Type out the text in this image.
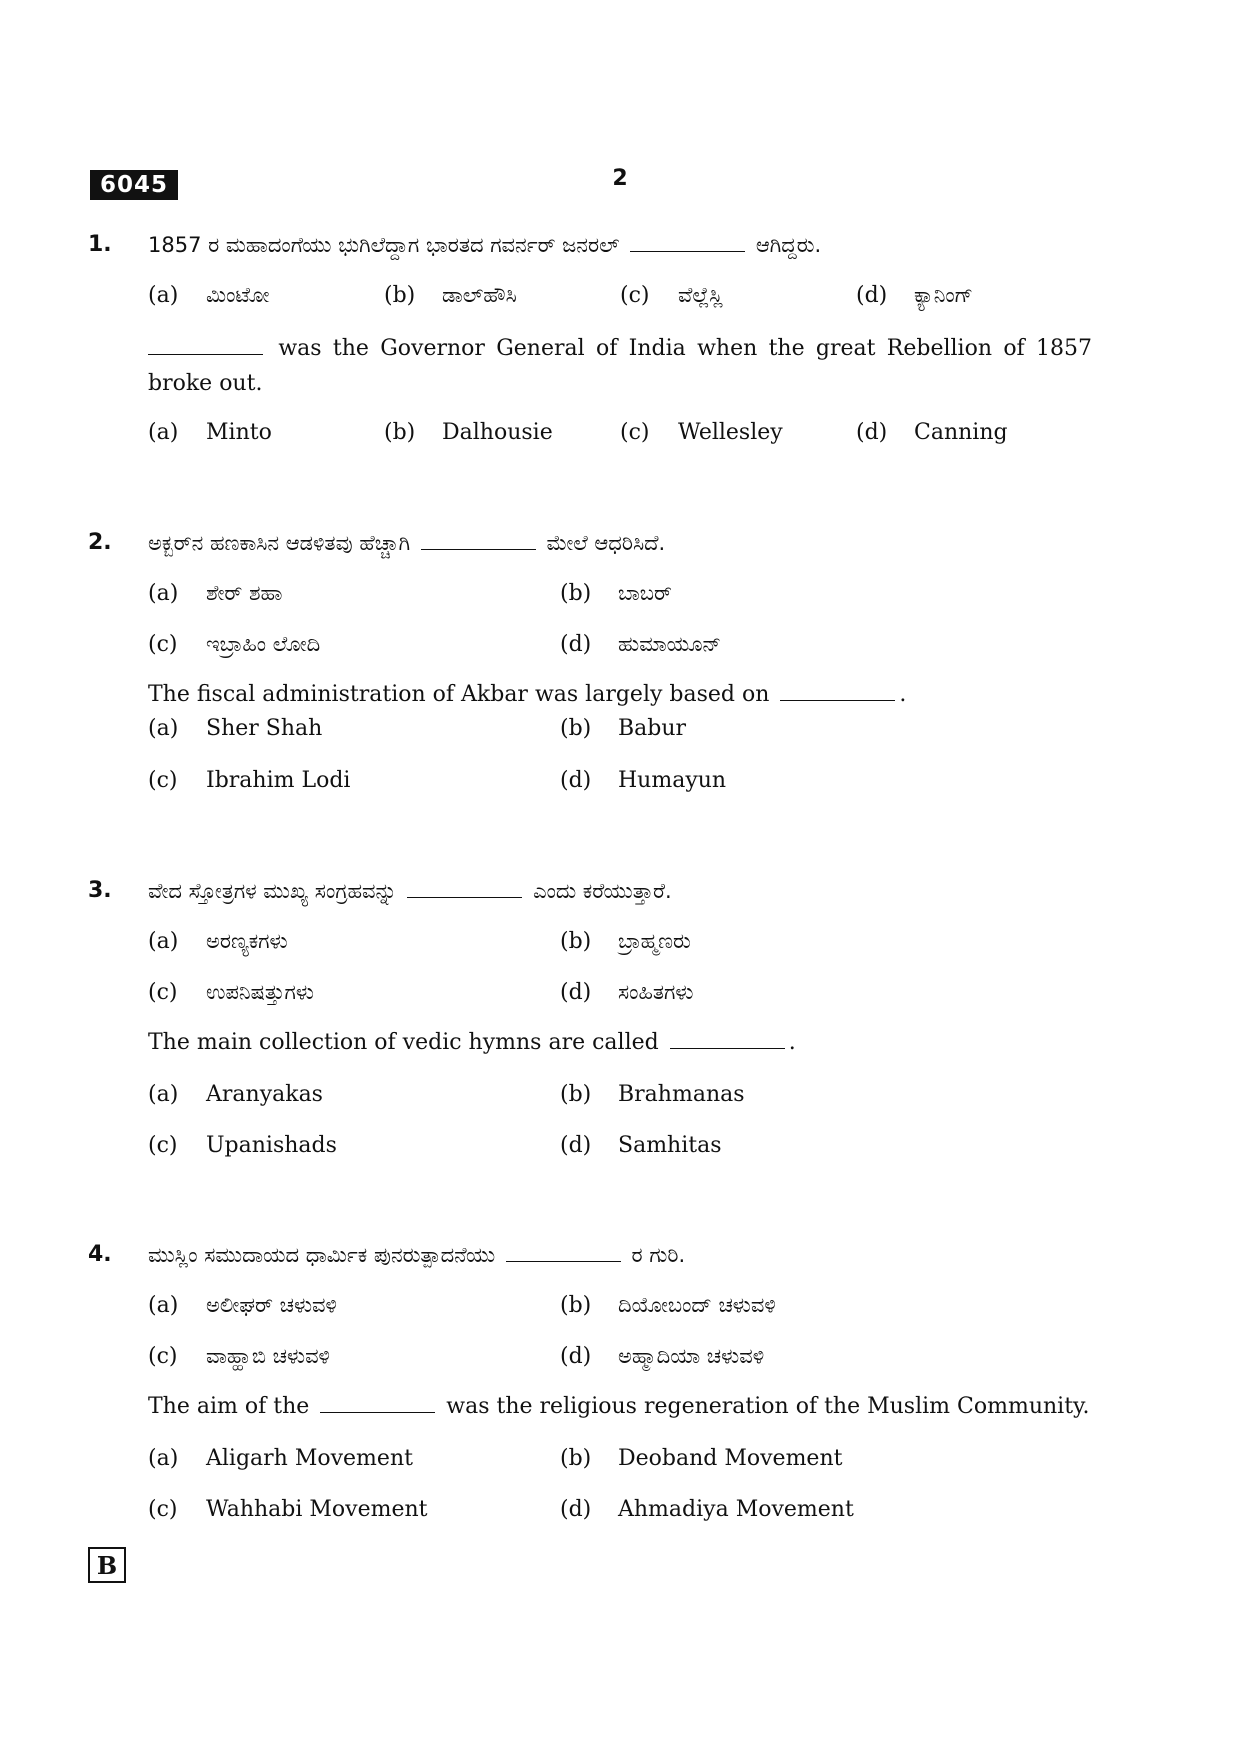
6045	2
1. 1857 ರ ಮಹಾದಂಗೆಯು ಭುಗಿಲೆದ್ದಾಗ ಭಾರತದ ಗವರ್ನರ್ ಜನರಲ್	ಆಗಿದ್ದರು.
(a) ಮಿಂಟೋ	(b) ಡಾಲ್‌ಹೌಸಿ	(c) ವೆಲ್ಲೆಸ್ಲಿ	(d) ಕ್ಯಾನಿಂಗ್
was the Governor General of India when the great Rebellion of 1857 broke out.
(a) Minto	(b) Dalhousie	(c) Wellesley	(d) Canning
2. ಅಕ್ಬರ್‌ನ ಹಣಕಾಸಿನ ಆಡಳಿತವು ಹೆಚ್ಚಾಗಿ	ಮೇಲೆ ಆಧರಿಸಿದೆ.
(a) ಶೇರ್ ಶಹಾ	(b) ಬಾಬರ್
(c) ಇಬ್ರಾಹಿಂ ಲೋದಿ	(d) ಹುಮಾಯೂನ್
The fiscal administration of Akbar was largely based on	.
(a) Sher Shah	(b) Babur
(c) Ibrahim Lodi	(d) Humayun
3. ವೇದ ಸ್ತೋತ್ರಗಳ ಮುಖ್ಯ ಸಂಗ್ರಹವನ್ನು	ಎಂದು ಕರೆಯುತ್ತಾರೆ.
(a) ಅರಣ್ಯಕಗಳು	(b) ಬ್ರಾಹ್ಮಣರು
(c) ಉಪನಿಷತ್ತುಗಳು	(d) ಸಂಹಿತಗಳು
The main collection of vedic hymns are called	.
(a) Aranyakas	(b) Brahmanas
(c) Upanishads	(d) Samhitas
4. ಮುಸ್ಲಿಂ ಸಮುದಾಯದ ಧಾರ್ಮಿಕ ಪುನರುತ್ಪಾದನೆಯು	ರ ಗುರಿ.
(a) ಅಲೀಘರ್ ಚಳುವಳಿ	(b) ದಿಯೋಬಂದ್ ಚಳುವಳಿ
(c) ವಾಹ್ಹಾಬಿ ಚಳುವಳಿ	(d) ಅಹ್ಮಾದಿಯಾ ಚಳುವಳಿ
The aim of the	was the religious regeneration of the Muslim Community.
(a) Aligarh Movement	(b) Deoband Movement
(c) Wahhabi Movement	(d) Ahmadiya Movement
B
